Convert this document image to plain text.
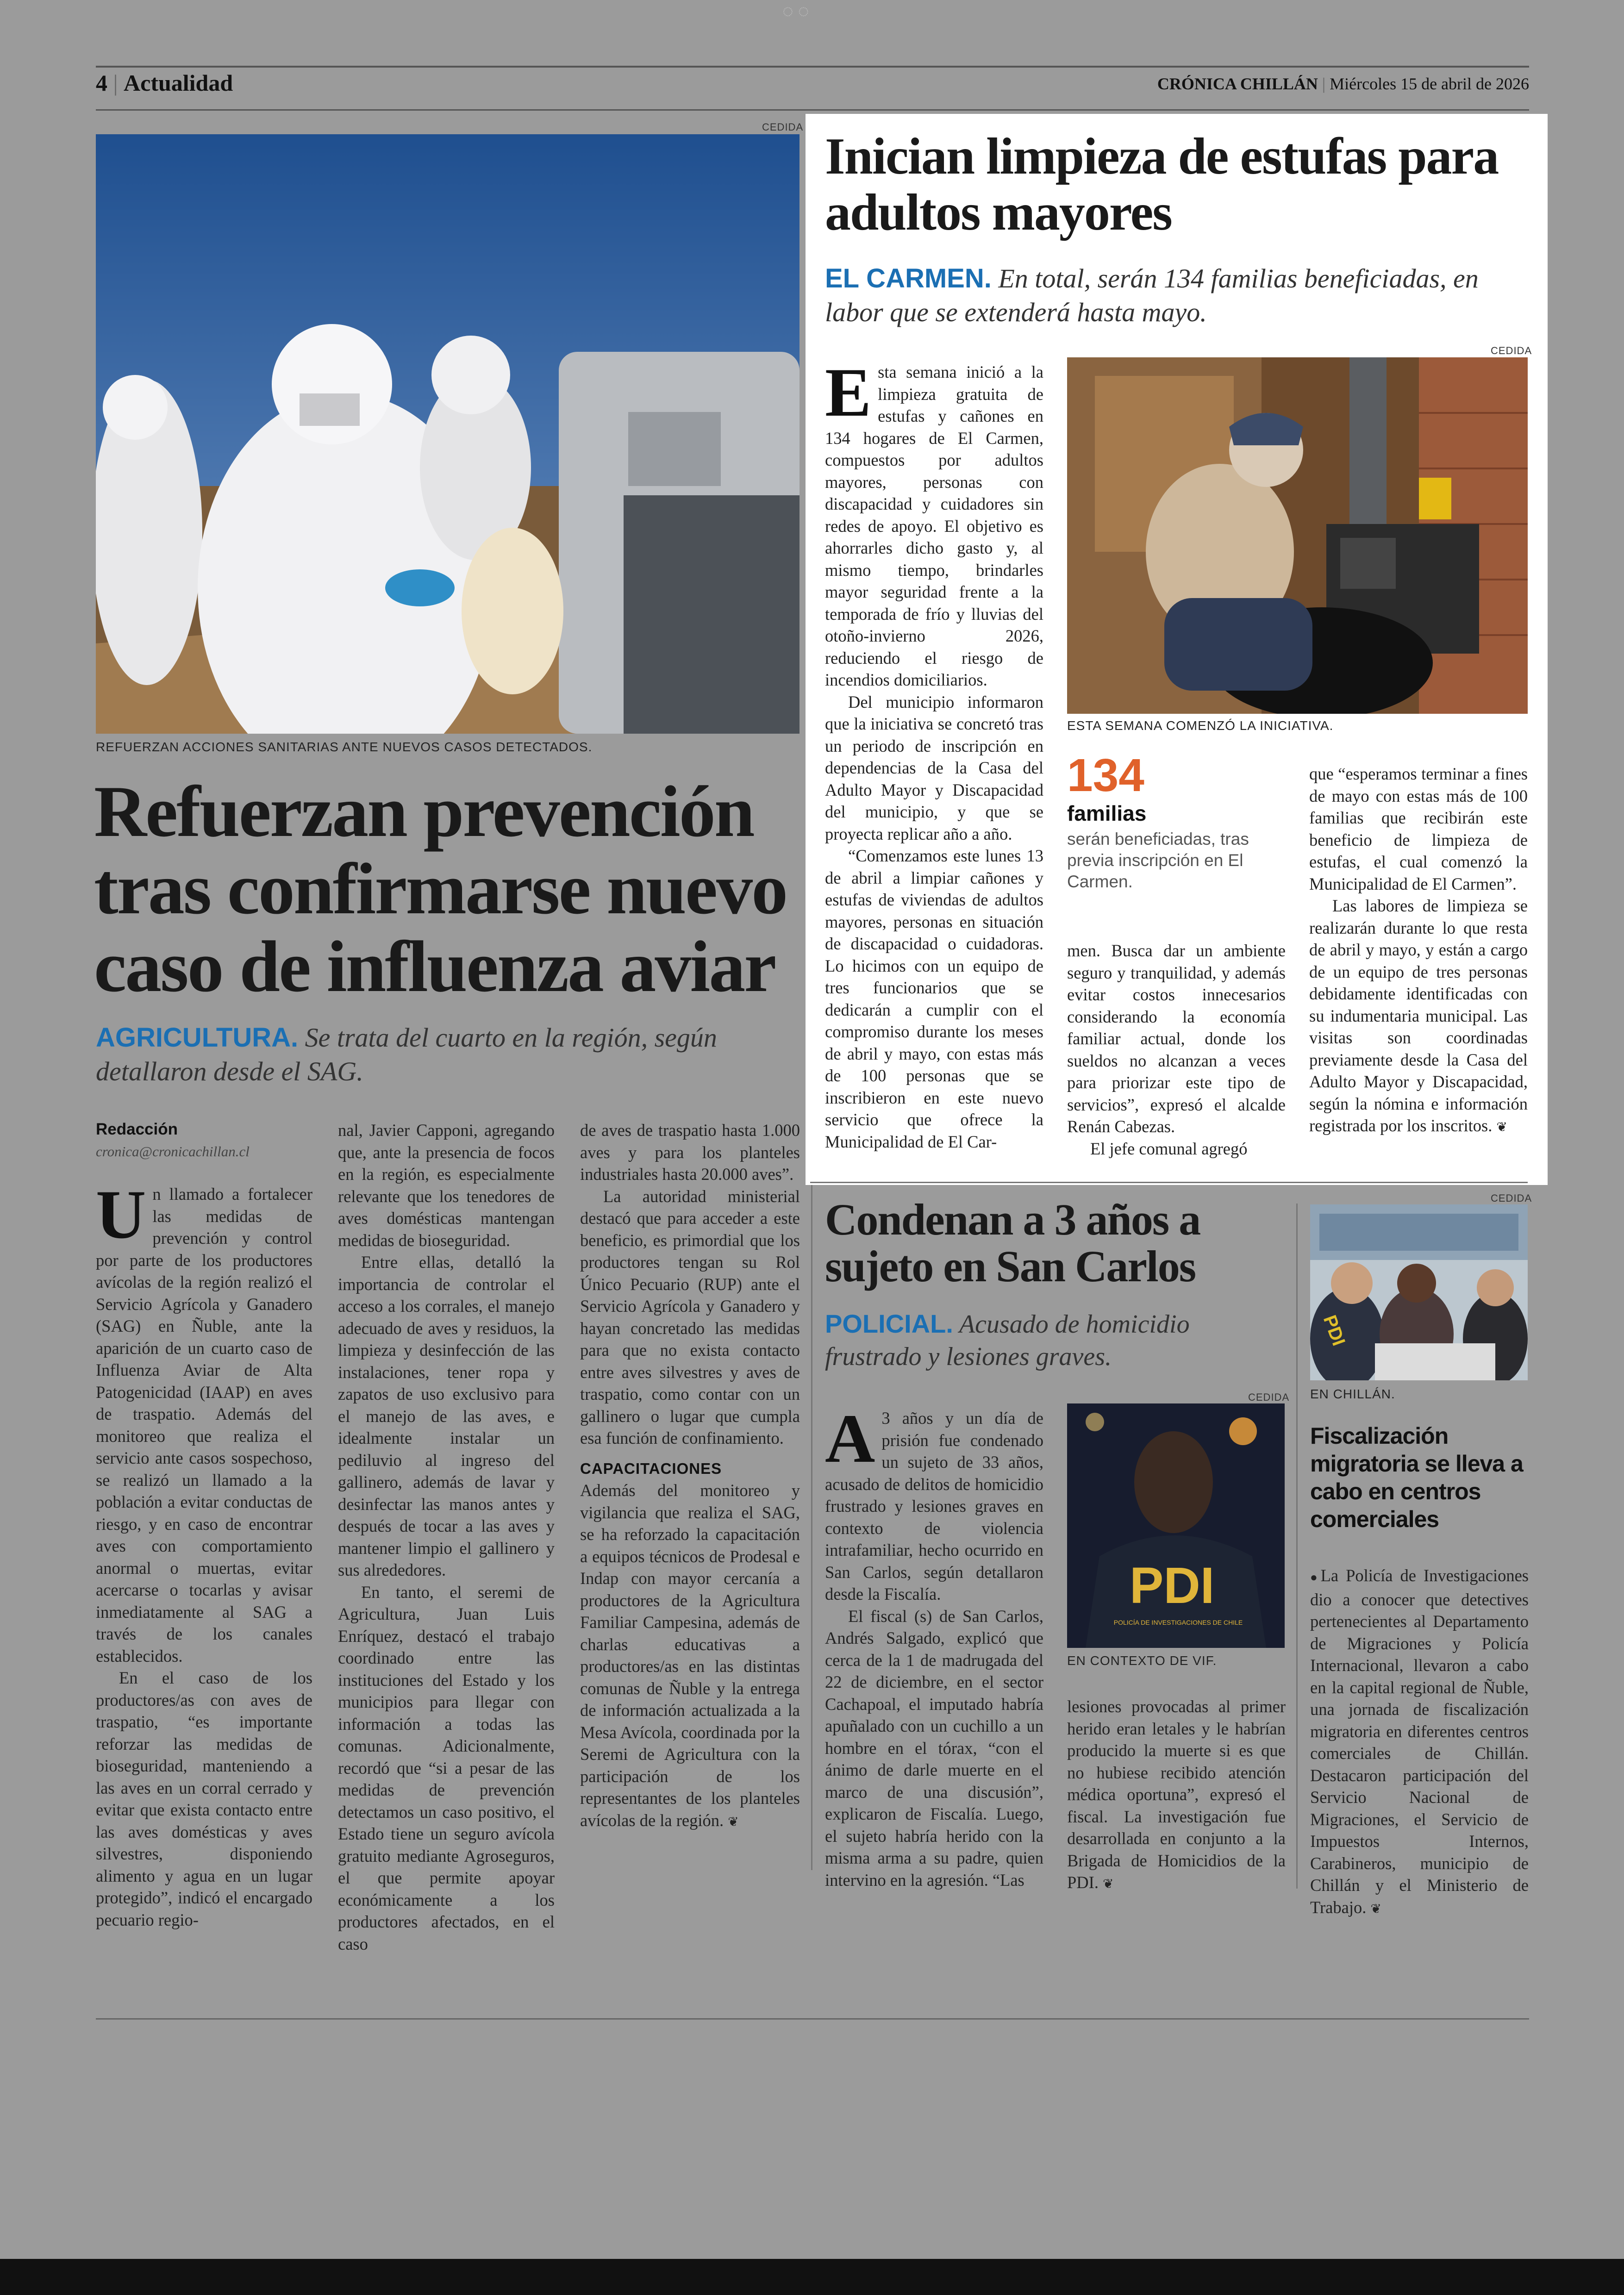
◌ ◌
4 | Actualidad	CRÓNICA CHILLÁN | Miércoles 15 de abril de 2026
CEDIDA
REFUERZAN ACCIONES SANITARIAS ANTE NUEVOS CASOS DETECTADOS.
Refuerzan prevención tras confirmarse nuevo caso de influenza aviar
AGRICULTURA. Se trata del cuarto en la región, según detallaron desde el SAG.
Redacción
cronica@cronicachillan.cl
U n llamado a fortalecer las medidas de prevención y control por parte de los productores avícolas de la región realizó el Servicio Agrícola y Ganadero (SAG) en Ñuble, ante la aparición de un cuarto caso de Influenza Aviar de Alta Patogenicidad (IAAP) en aves de traspatio. Además del monitoreo que realiza el servicio ante casos sospechoso, se realizó un llamado a la población a evitar conductas de riesgo, y en caso de encontrar aves con comportamiento anormal o muertas, evitar acercarse o tocarlas y avisar inmediatamente al SAG a través de los canales establecidos.

En el caso de los productores/as con aves de traspatio, “es importante reforzar las medidas de bioseguridad, manteniendo a las aves en un corral cerrado y evitar que exista contacto entre las aves domésticas y aves silvestres, disponiendo alimento y agua en un lugar protegido”, indicó el encargado pecuario regio-

nal, Javier Capponi, agregando que, ante la presencia de focos en la región, es especialmente relevante que los tenedores de aves domésticas mantengan medidas de bioseguridad.

Entre ellas, detalló la importancia de controlar el acceso a los corrales, el manejo adecuado de aves y residuos, la limpieza y desinfección de las instalaciones, tener ropa y zapatos de uso exclusivo para el manejo de las aves, e idealmente instalar un pediluvio al ingreso del gallinero, además de lavar y desinfectar las manos antes y después de tocar a las aves y mantener limpio el gallinero y sus alrededores.

En tanto, el seremi de Agricultura, Juan Luis Enríquez, destacó el trabajo coordinado entre las instituciones del Estado y los municipios para llegar con información a todas las comunas. Adicionalmente, recordó que “si a pesar de las medidas de prevención detectamos un caso positivo, el Estado tiene un seguro avícola gratuito mediante Agroseguros, el que permite apoyar económicamente a los productores afectados, en el caso

de aves de traspatio hasta 1.000 aves y para los planteles industriales hasta 20.000 aves”.

La autoridad ministerial destacó que para acceder a este beneficio, es primordial que los productores tengan su Rol Único Pecuario (RUP) ante el Servicio Agrícola y Ganadero y hayan concretado las medidas para que no exista contacto entre aves silvestres y aves de traspatio, como contar con un gallinero o lugar que cumpla esa función de confinamiento.

CAPACITACIONES

Además del monitoreo y vigilancia que realiza el SAG, se ha reforzado la capacitación a equipos técnicos de Prodesal e Indap con mayor cercanía a productores de la Agricultura Familiar Campesina, además de charlas educativas a productores/as en las distintas comunas de Ñuble y la entrega de información actualizada a la Mesa Avícola, coordinada por la Seremi de Agricultura con la participación de los representantes de los planteles avícolas de la región. ❦

Inician limpieza de estufas para adultos mayores
EL CARMEN. En total, serán 134 familias beneficiadas, en labor que se extenderá hasta mayo.
CEDIDA
ESTA SEMANA COMENZÓ LA INICIATIVA.
E sta semana inició a la limpieza gratuita de estufas y cañones en 134 hogares de El Carmen, compuestos por adultos mayores, personas con discapacidad y cuidadores sin redes de apoyo. El objetivo es ahorrarles dicho gasto y, al mismo tiempo, brindarles mayor seguridad frente a la temporada de frío y lluvias del otoño-invierno 2026, reduciendo el riesgo de incendios domiciliarios.

Del municipio informaron que la iniciativa se concretó tras un periodo de inscripción en dependencias de la Casa del Adulto Mayor y Discapacidad del municipio, y que se proyecta replicar año a año.

“Comenzamos este lunes 13 de abril a limpiar cañones y estufas de viviendas de adultos mayores, personas en situación de discapacidad o cuidadoras. Lo hicimos con un equipo de tres funcionarios que se dedicarán a cumplir con el compromiso durante los meses de abril y mayo, con estas más de 100 personas que se inscribieron en este nuevo servicio que ofrece la Municipalidad de El Car-

134
familias
serán beneficiadas, tras previa inscripción en El Carmen.

men. Busca dar un ambiente seguro y tranquilidad, y además evitar costos innecesarios considerando la economía familiar actual, donde los sueldos no alcanzan a veces para priorizar este tipo de servicios”, expresó el alcalde Renán Cabezas.

El jefe comunal agregó

que “esperamos terminar a fines de mayo con estas más de 100 familias que recibirán este beneficio de limpieza de estufas, el cual comenzó la Municipalidad de El Carmen”.

Las labores de limpieza se realizarán durante lo que resta de abril y mayo, y están a cargo de un equipo de tres personas debidamente identificadas con su indumentaria municipal. Las visitas son coordinadas previamente desde la Casa del Adulto Mayor y Discapacidad, según la nómina e información registrada por los inscritos. ❦

Condenan a 3 años a sujeto en San Carlos
POLICIAL. Acusado de homicidio frustrado y lesiones graves.
CEDIDA
PDI
POLICÍA DE INVESTIGACIONES DE CHILE
EN CONTEXTO DE VIF.
A 3 años y un día de prisión fue condenado un sujeto de 33 años, acusado de delitos de homicidio frustrado y lesiones graves en contexto de violencia intrafamiliar, hecho ocurrido en San Carlos, según detallaron desde la Fiscalía.

El fiscal (s) de San Carlos, Andrés Salgado, explicó que cerca de la 1 de madrugada del 22 de diciembre, en el sector Cachapoal, el imputado habría apuñalado con un cuchillo a un hombre en el tórax, “con el ánimo de darle muerte en el marco de una discusión”, explicaron de Fiscalía. Luego, el sujeto habría herido con la misma arma a su padre, quien intervino en la agresión. “Las

lesiones provocadas al primer herido eran letales y le habrían producido la muerte si es que no hubiese recibido atención médica oportuna”, expresó el fiscal. La investigación fue desarrollada en conjunto a la Brigada de Homicidios de la PDI. ❦

CEDIDA
PDI
EN CHILLÁN.
Fiscalización migratoria se lleva a cabo en centros comerciales

●La Policía de Investigaciones dio a conocer que detectives pertenecientes al Departamento de Migraciones y Policía Internacional, llevaron a cabo en la capital regional de Ñuble, una jornada de fiscalización migratoria en diferentes centros comerciales de Chillán. Destacaron participación del Servicio Nacional de Migraciones, el Servicio de Impuestos Internos, Carabineros, municipio de Chillán y el Ministerio de Trabajo. ❦
